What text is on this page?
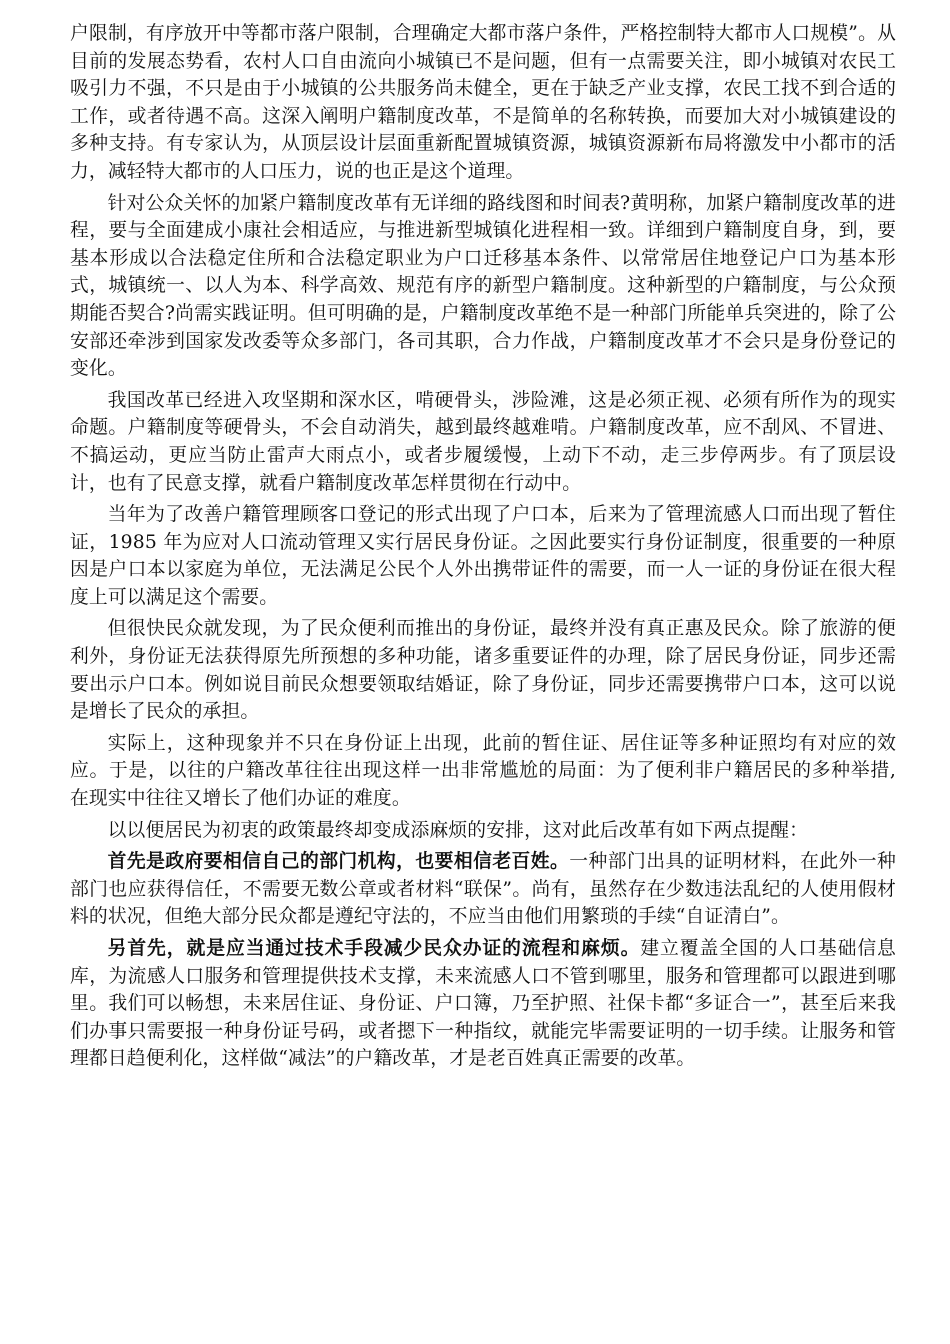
户限制，有序放开中等都市落户限制，合理确定大都市落户条件，严格控制特大都市人口规模”。从目前的发展态势看，农村人口自由流向小城镇已不是问题，但有一点需要关注，即小城镇对农民工吸引力不强，不只是由于小城镇的公共服务尚未健全，更在于缺乏产业支撑，农民工找不到合适的工作，或者待遇不高。这深入阐明户籍制度改革，不是简单的名称转换，而要加大对小城镇建设的多种支持。有专家认为，从顶层设计层面重新配置城镇资源，城镇资源新布局将激发中小都市的活力，减轻特大都市的人口压力，说的也正是这个道理。

针对公众关怀的加紧户籍制度改革有无详细的路线图和时间表?黄明称，加紧户籍制度改革的进程，要与全面建成小康社会相适应，与推进新型城镇化进程相一致。详细到户籍制度自身，到，要基本形成以合法稳定住所和合法稳定职业为户口迁移基本条件、以常常居住地登记户口为基本形式，城镇统一、以人为本、科学高效、规范有序的新型户籍制度。这种新型的户籍制度，与公众预期能否契合?尚需实践证明。但可明确的是，户籍制度改革绝不是一种部门所能单兵突进的，除了公安部还牵涉到国家发改委等众多部门，各司其职，合力作战，户籍制度改革才不会只是身份登记的变化。

我国改革已经进入攻坚期和深水区，啃硬骨头，涉险滩，这是必须正视、必须有所作为的现实命题。户籍制度等硬骨头，不会自动消失，越到最终越难啃。户籍制度改革，应不刮风、不冒进、不搞运动，更应当防止雷声大雨点小，或者步履缓慢，上动下不动，走三步停两步。有了顶层设计，也有了民意支撑，就看户籍制度改革怎样贯彻在行动中。

当年为了改善户籍管理顾客口登记的形式出现了户口本，后来为了管理流感人口而出现了暂住证，1985 年为应对人口流动管理又实行居民身份证。之因此要实行身份证制度，很重要的一种原因是户口本以家庭为单位，无法满足公民个人外出携带证件的需要，而一人一证的身份证在很大程度上可以满足这个需要。

但很快民众就发现，为了民众便利而推出的身份证，最终并没有真正惠及民众。除了旅游的便利外，身份证无法获得原先所预想的多种功能，诸多重要证件的办理，除了居民身份证，同步还需要出示户口本。例如说目前民众想要领取结婚证，除了身份证，同步还需要携带户口本，这可以说是增长了民众的承担。

实际上，这种现象并不只在身份证上出现，此前的暂住证、居住证等多种证照均有对应的效应。于是，以往的户籍改革往往出现这样一出非常尴尬的局面：为了便利非户籍居民的多种举措, 在现实中往往又增长了他们办证的难度。

以以便居民为初衷的政策最终却变成添麻烦的安排，这对此后改革有如下两点提醒：

首先是政府要相信自己的部门机构，也要相信老百姓。一种部门出具的证明材料，在此外一种部门也应获得信任，不需要无数公章或者材料“联保”。尚有，虽然存在少数违法乱纪的人使用假材料的状况，但绝大部分民众都是遵纪守法的，不应当由他们用繁琐的手续“自证清白”。

另首先，就是应当通过技术手段减少民众办证的流程和麻烦。建立覆盖全国的人口基础信息库，为流感人口服务和管理提供技术支撑，未来流感人口不管到哪里，服务和管理都可以跟进到哪里。我们可以畅想，未来居住证、身份证、户口簿，乃至护照、社保卡都“多证合一”，甚至后来我们办事只需要报一种身份证号码，或者摁下一种指纹，就能完毕需要证明的一切手续。让服务和管理都日趋便利化，这样做“减法”的户籍改革，才是老百姓真正需要的改革。
